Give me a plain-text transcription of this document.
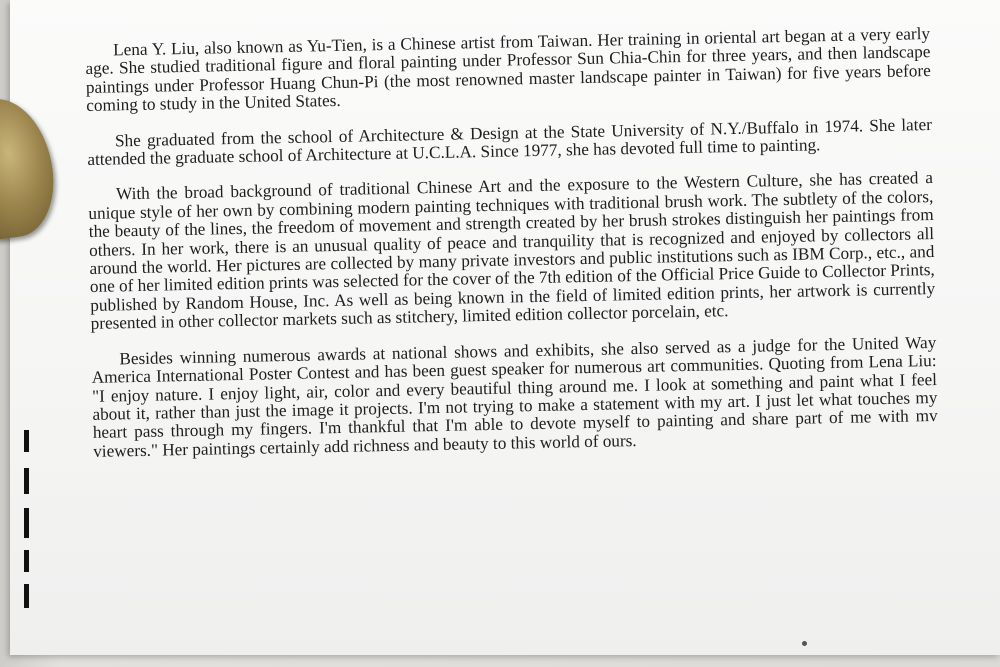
Lena Y. Liu, also known as Yu-Tien, is a Chinese artist from Taiwan. Her training in oriental art began at a very early age. She studied traditional figure and floral painting under Professor Sun Chia-Chin for three years, and then landscape paintings under Professor Huang Chun-Pi (the most renowned master landscape painter in Taiwan) for five years before coming to study in the United States.

She graduated from the school of Architecture & Design at the State University of N.Y./Buffalo in 1974. She later attended the graduate school of Architecture at U.C.L.A. Since 1977, she has devoted full time to painting.

With the broad background of traditional Chinese Art and the exposure to the Western Culture, she has created a unique style of her own by combining modern painting techniques with traditional brush work. The subtlety of the colors, the beauty of the lines, the freedom of movement and strength created by her brush strokes distinguish her paintings from others. In her work, there is an unusual quality of peace and tranquility that is recognized and enjoyed by collectors all around the world. Her pictures are collected by many private investors and public institutions such as IBM Corp., etc., and one of her limited edition prints was selected for the cover of the 7th edition of the Official Price Guide to Collector Prints, published by Random House, Inc. As well as being known in the field of limited edition prints, her artwork is currently presented in other collector markets such as stitchery, limited edition collector porcelain, etc.

Besides winning numerous awards at national shows and exhibits, she also served as a judge for the United Way America International Poster Contest and has been guest speaker for numerous art communities. Quoting from Lena Liu: "I enjoy nature. I enjoy light, air, color and every beautiful thing around me. I look at something and paint what I feel about it, rather than just the image it projects. I'm not trying to make a statement with my art. I just let what touches my heart pass through my fingers. I'm thankful that I'm able to devote myself to painting and share part of me with mv viewers." Her paintings certainly add richness and beauty to this world of ours.
